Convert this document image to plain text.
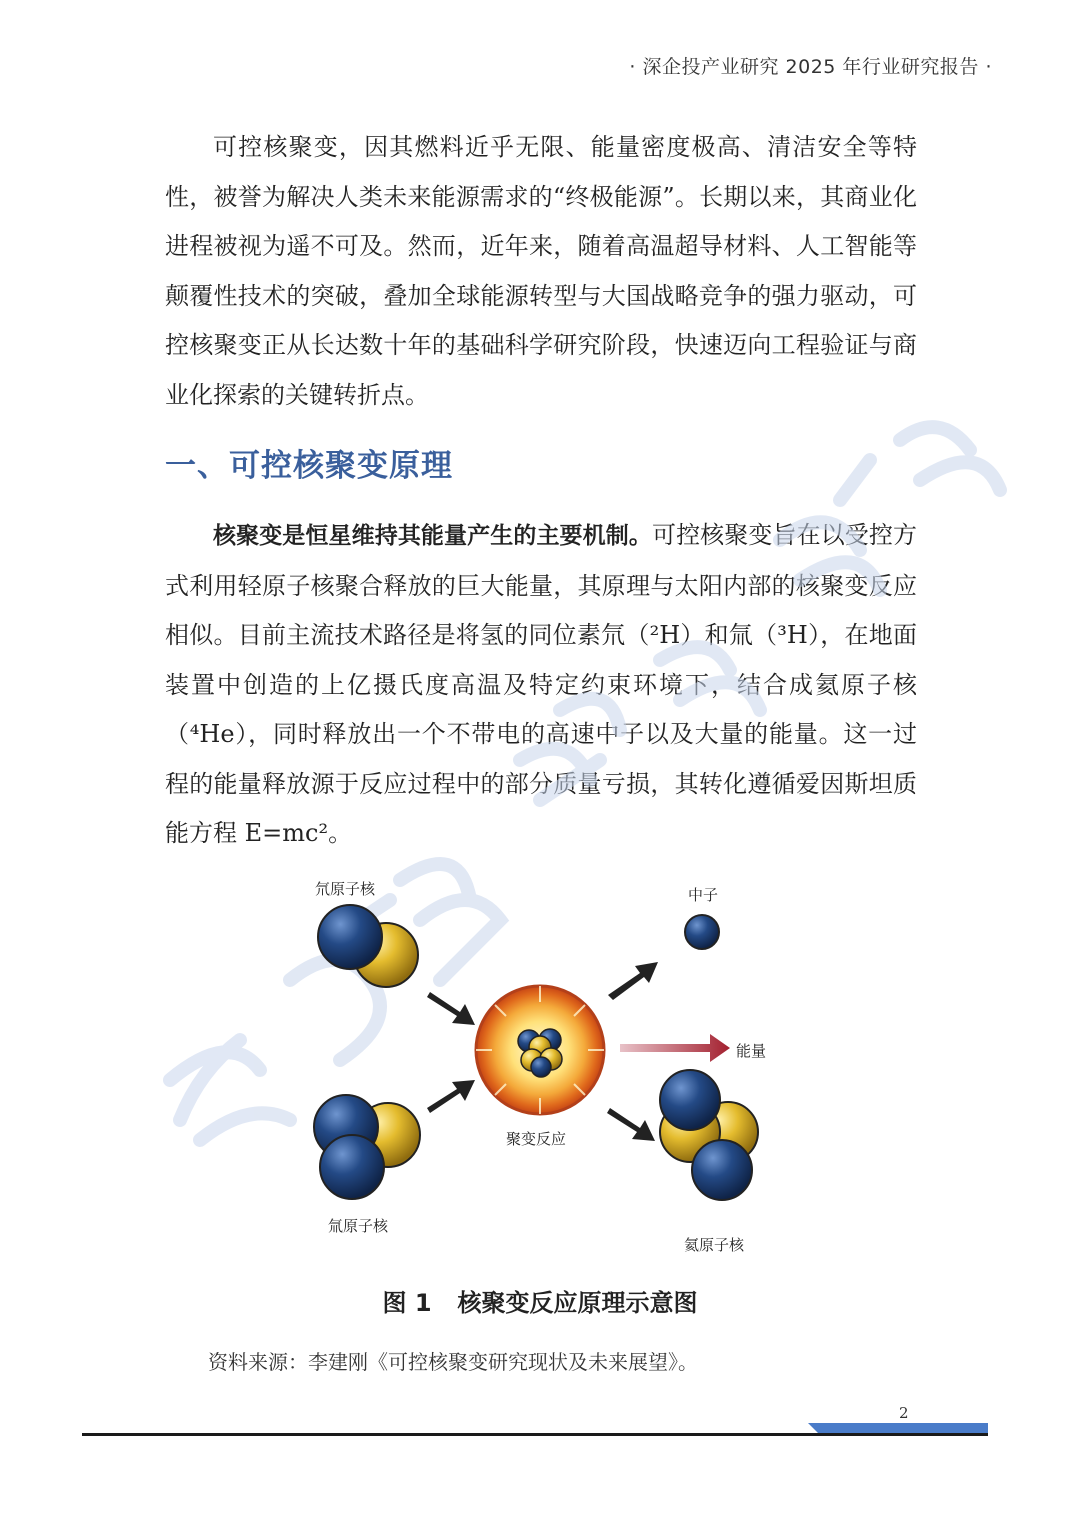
· 深企投产业研究 2025 年行业研究报告 ·

可控核聚变，因其燃料近乎无限、能量密度极高、清洁安全等特性，被誉为解决人类未来能源需求的“终极能源”。长期以来，其商业化进程被视为遥不可及。然而，近年来，随着高温超导材料、人工智能等颠覆性技术的突破，叠加全球能源转型与大国战略竞争的强力驱动，可控核聚变正从长达数十年的基础科学研究阶段，快速迈向工程验证与商业化探索的关键转折点。

一、可控核聚变原理

核聚变是恒星维持其能量产生的主要机制。可控核聚变旨在以受控方式利用轻原子核聚合释放的巨大能量，其原理与太阳内部的核聚变反应相似。目前主流技术路径是将氢的同位素氘（²H）和氚（³H），在地面装置中创造的上亿摄氏度高温及特定约束环境下，结合成氦原子核（⁴He），同时释放出一个不带电的高速中子以及大量的能量。这一过程的能量释放源于反应过程中的部分质量亏损，其转化遵循爱因斯坦质能方程 E=mc²。

氘原子核
氚原子核
中子
能量
聚变反应
氦原子核
图 1 核聚变反应原理示意图
资料来源：李建刚《可控核聚变研究现状及未来展望》。
2
